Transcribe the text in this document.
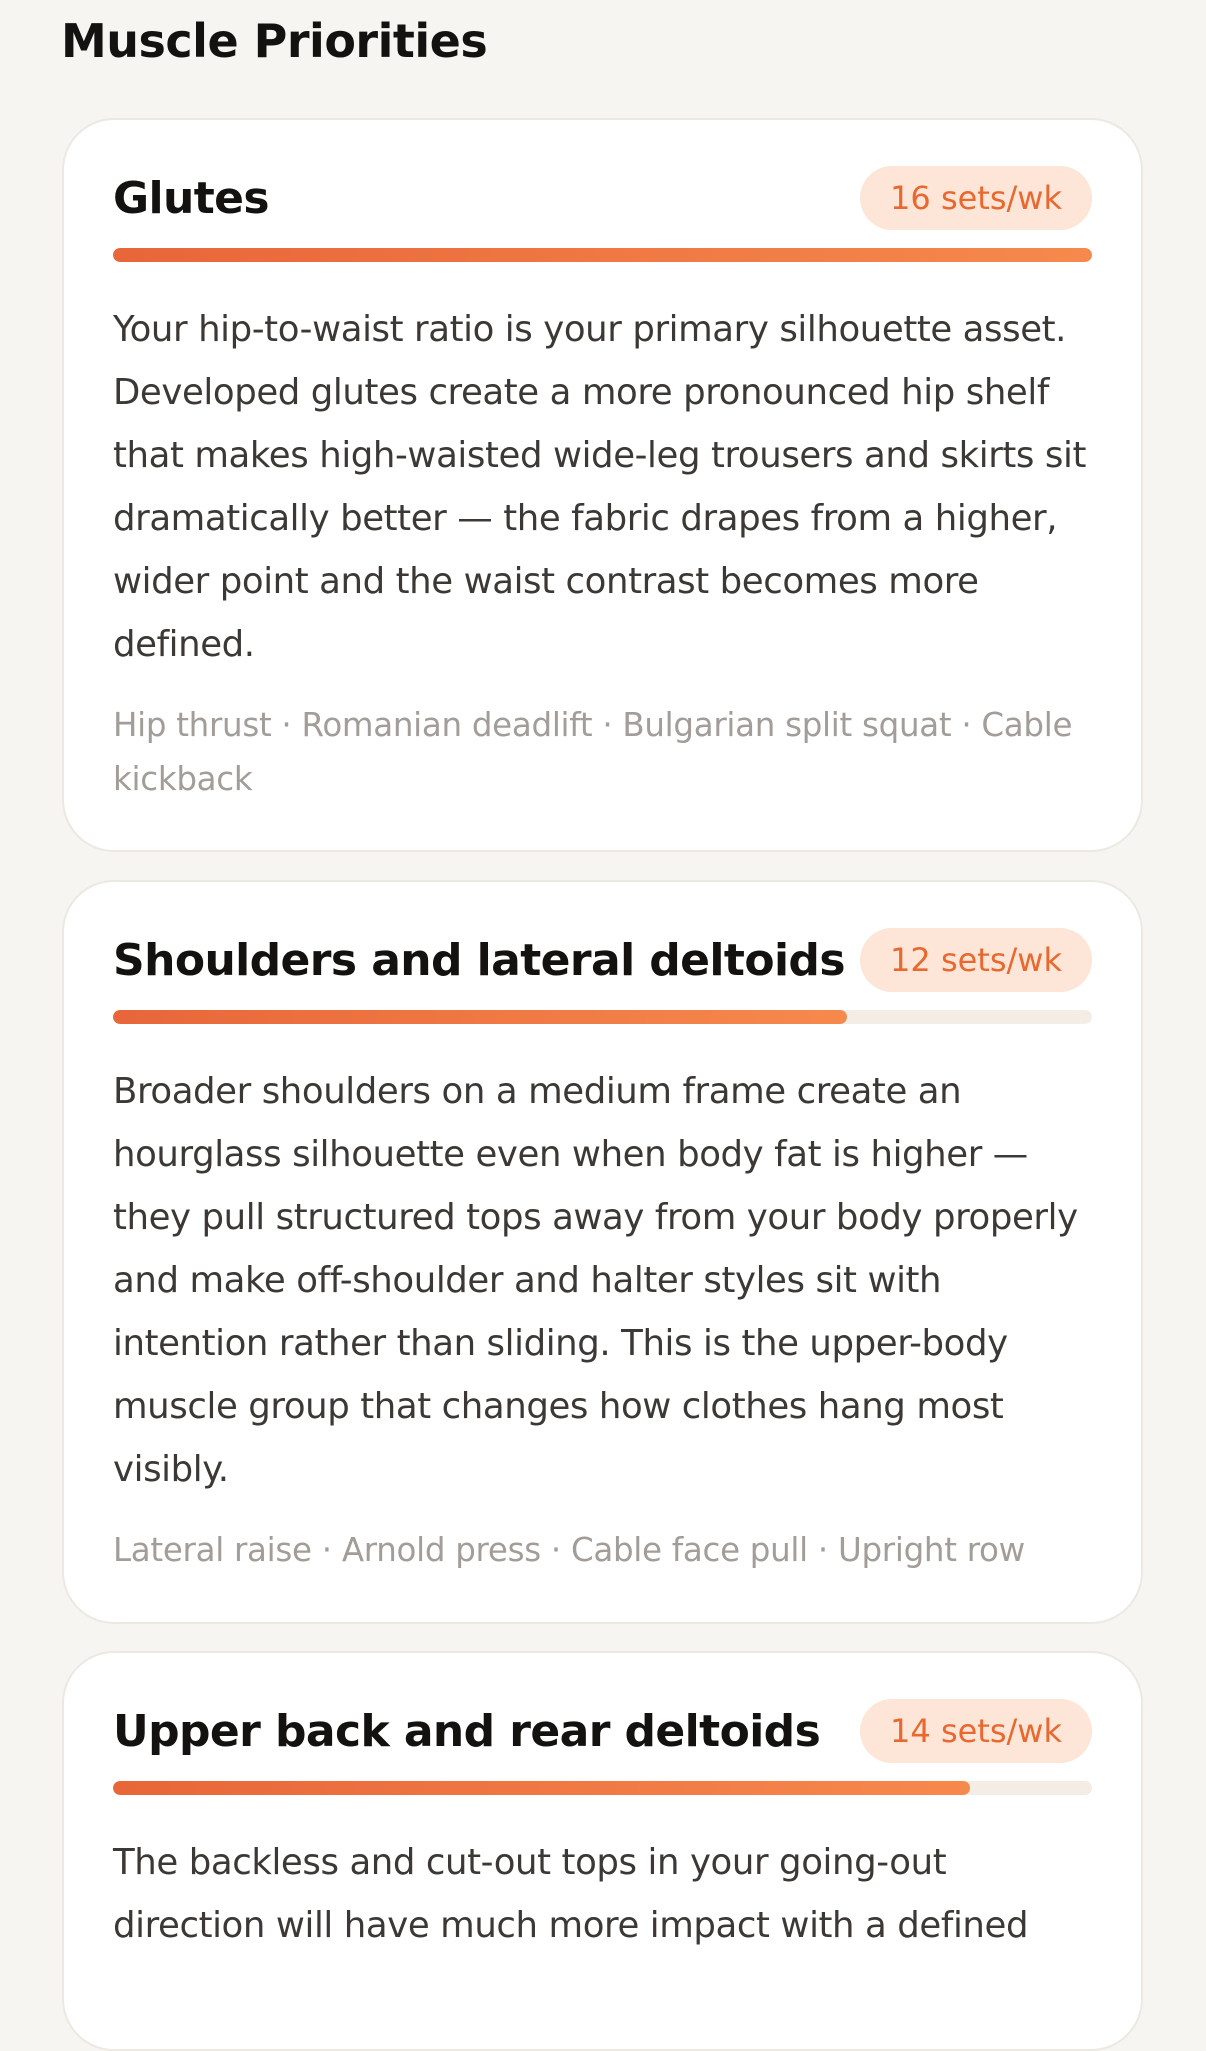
Muscle Priorities
Glutes	16 sets/wk

Your hip-to-waist ratio is your primary silhouette asset. Developed glutes create a more pronounced hip shelf that makes high-waisted wide-leg trousers and skirts sit dramatically better — the fabric drapes from a higher, wider point and the waist contrast becomes more defined.

Hip thrust · Romanian deadlift · Bulgarian split squat · Cable kickback

Shoulders and lateral deltoids	12 sets/wk

Broader shoulders on a medium frame create an hourglass silhouette even when body fat is higher — they pull structured tops away from your body properly and make off-shoulder and halter styles sit with intention rather than sliding. This is the upper-body muscle group that changes how clothes hang most visibly.

Lateral raise · Arnold press · Cable face pull · Upright row

Upper back and rear deltoids	14 sets/wk

The backless and cut-out tops in your going-out direction will have much more impact with a defined
